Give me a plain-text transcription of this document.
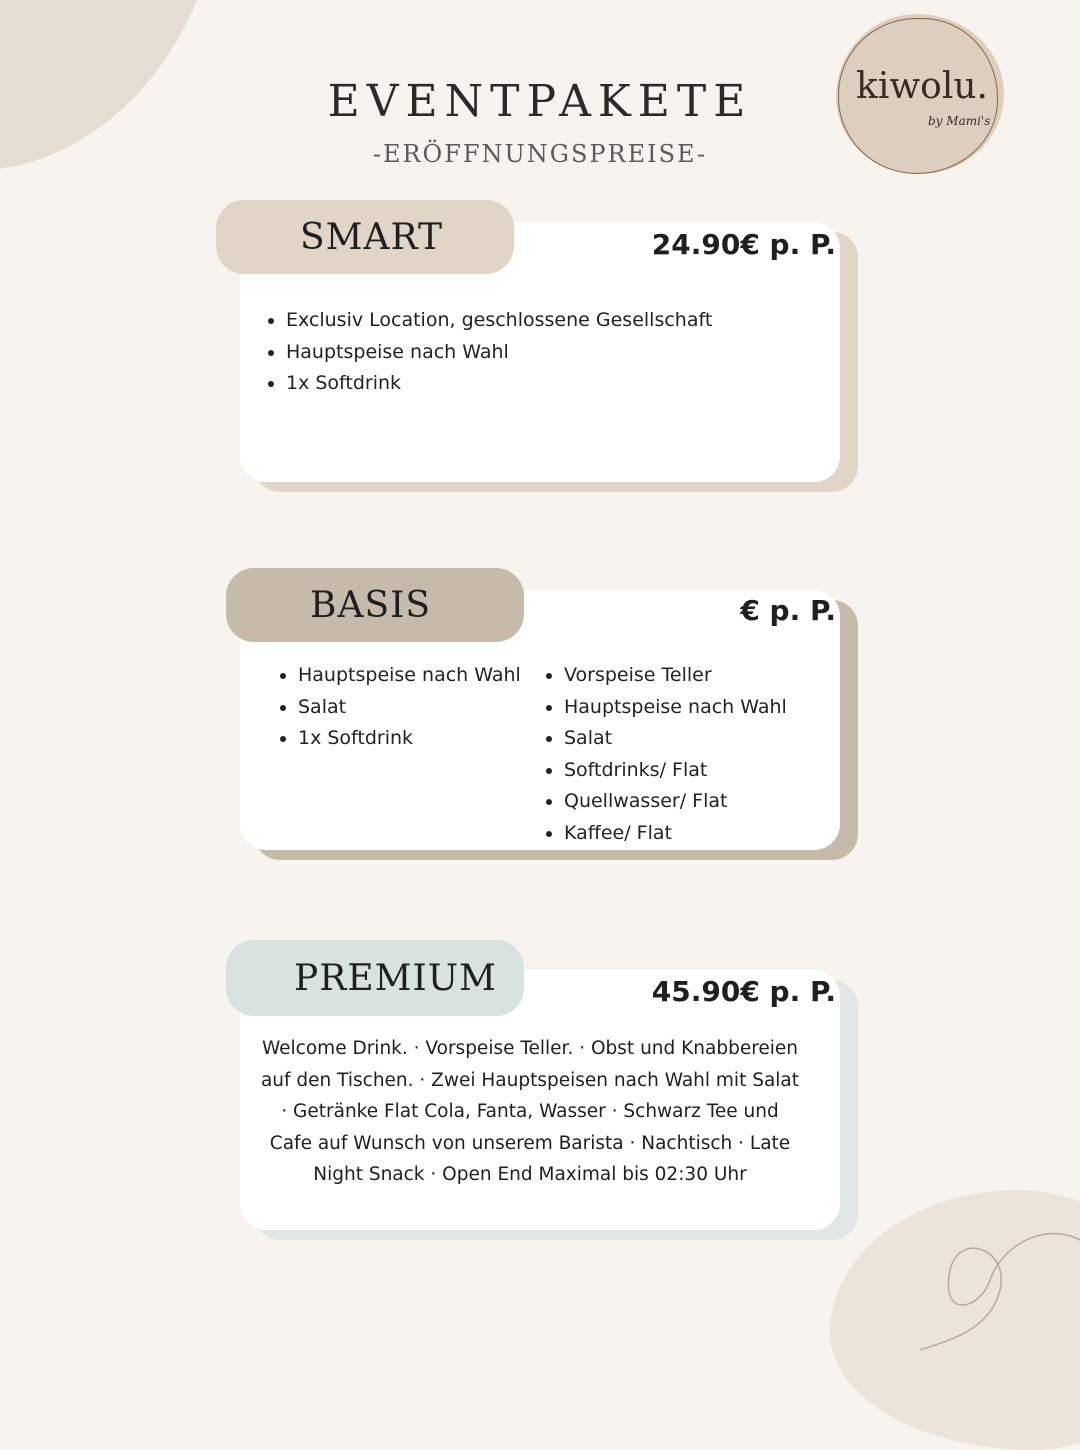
EVENTPAKETE
-ERÖFFNUNGSPREISE-
kiwolu.
by Mami's
SMART	24.90€ p. P.
• Exclusiv Location, geschlossene Gesellschaft
• Hauptspeise nach Wahl
• 1x Softdrink
BASIS	€ p. P.
• Hauptspeise nach Wahl
• Salat
• 1x Softdrink
• Vorspeise Teller
• Hauptspeise nach Wahl
• Salat
• Softdrinks/ Flat
• Quellwasser/ Flat
• Kaffee/ Flat
PREMIUM	45.90€ p. P.
Welcome Drink. · Vorspeise Teller. · Obst und Knabbereien auf den Tischen. · Zwei Hauptspeisen nach Wahl mit Salat · Getränke Flat Cola, Fanta, Wasser · Schwarz Tee und Cafe auf Wunsch von unserem Barista · Nachtisch · Late Night Snack · Open End Maximal bis 02:30 Uhr
